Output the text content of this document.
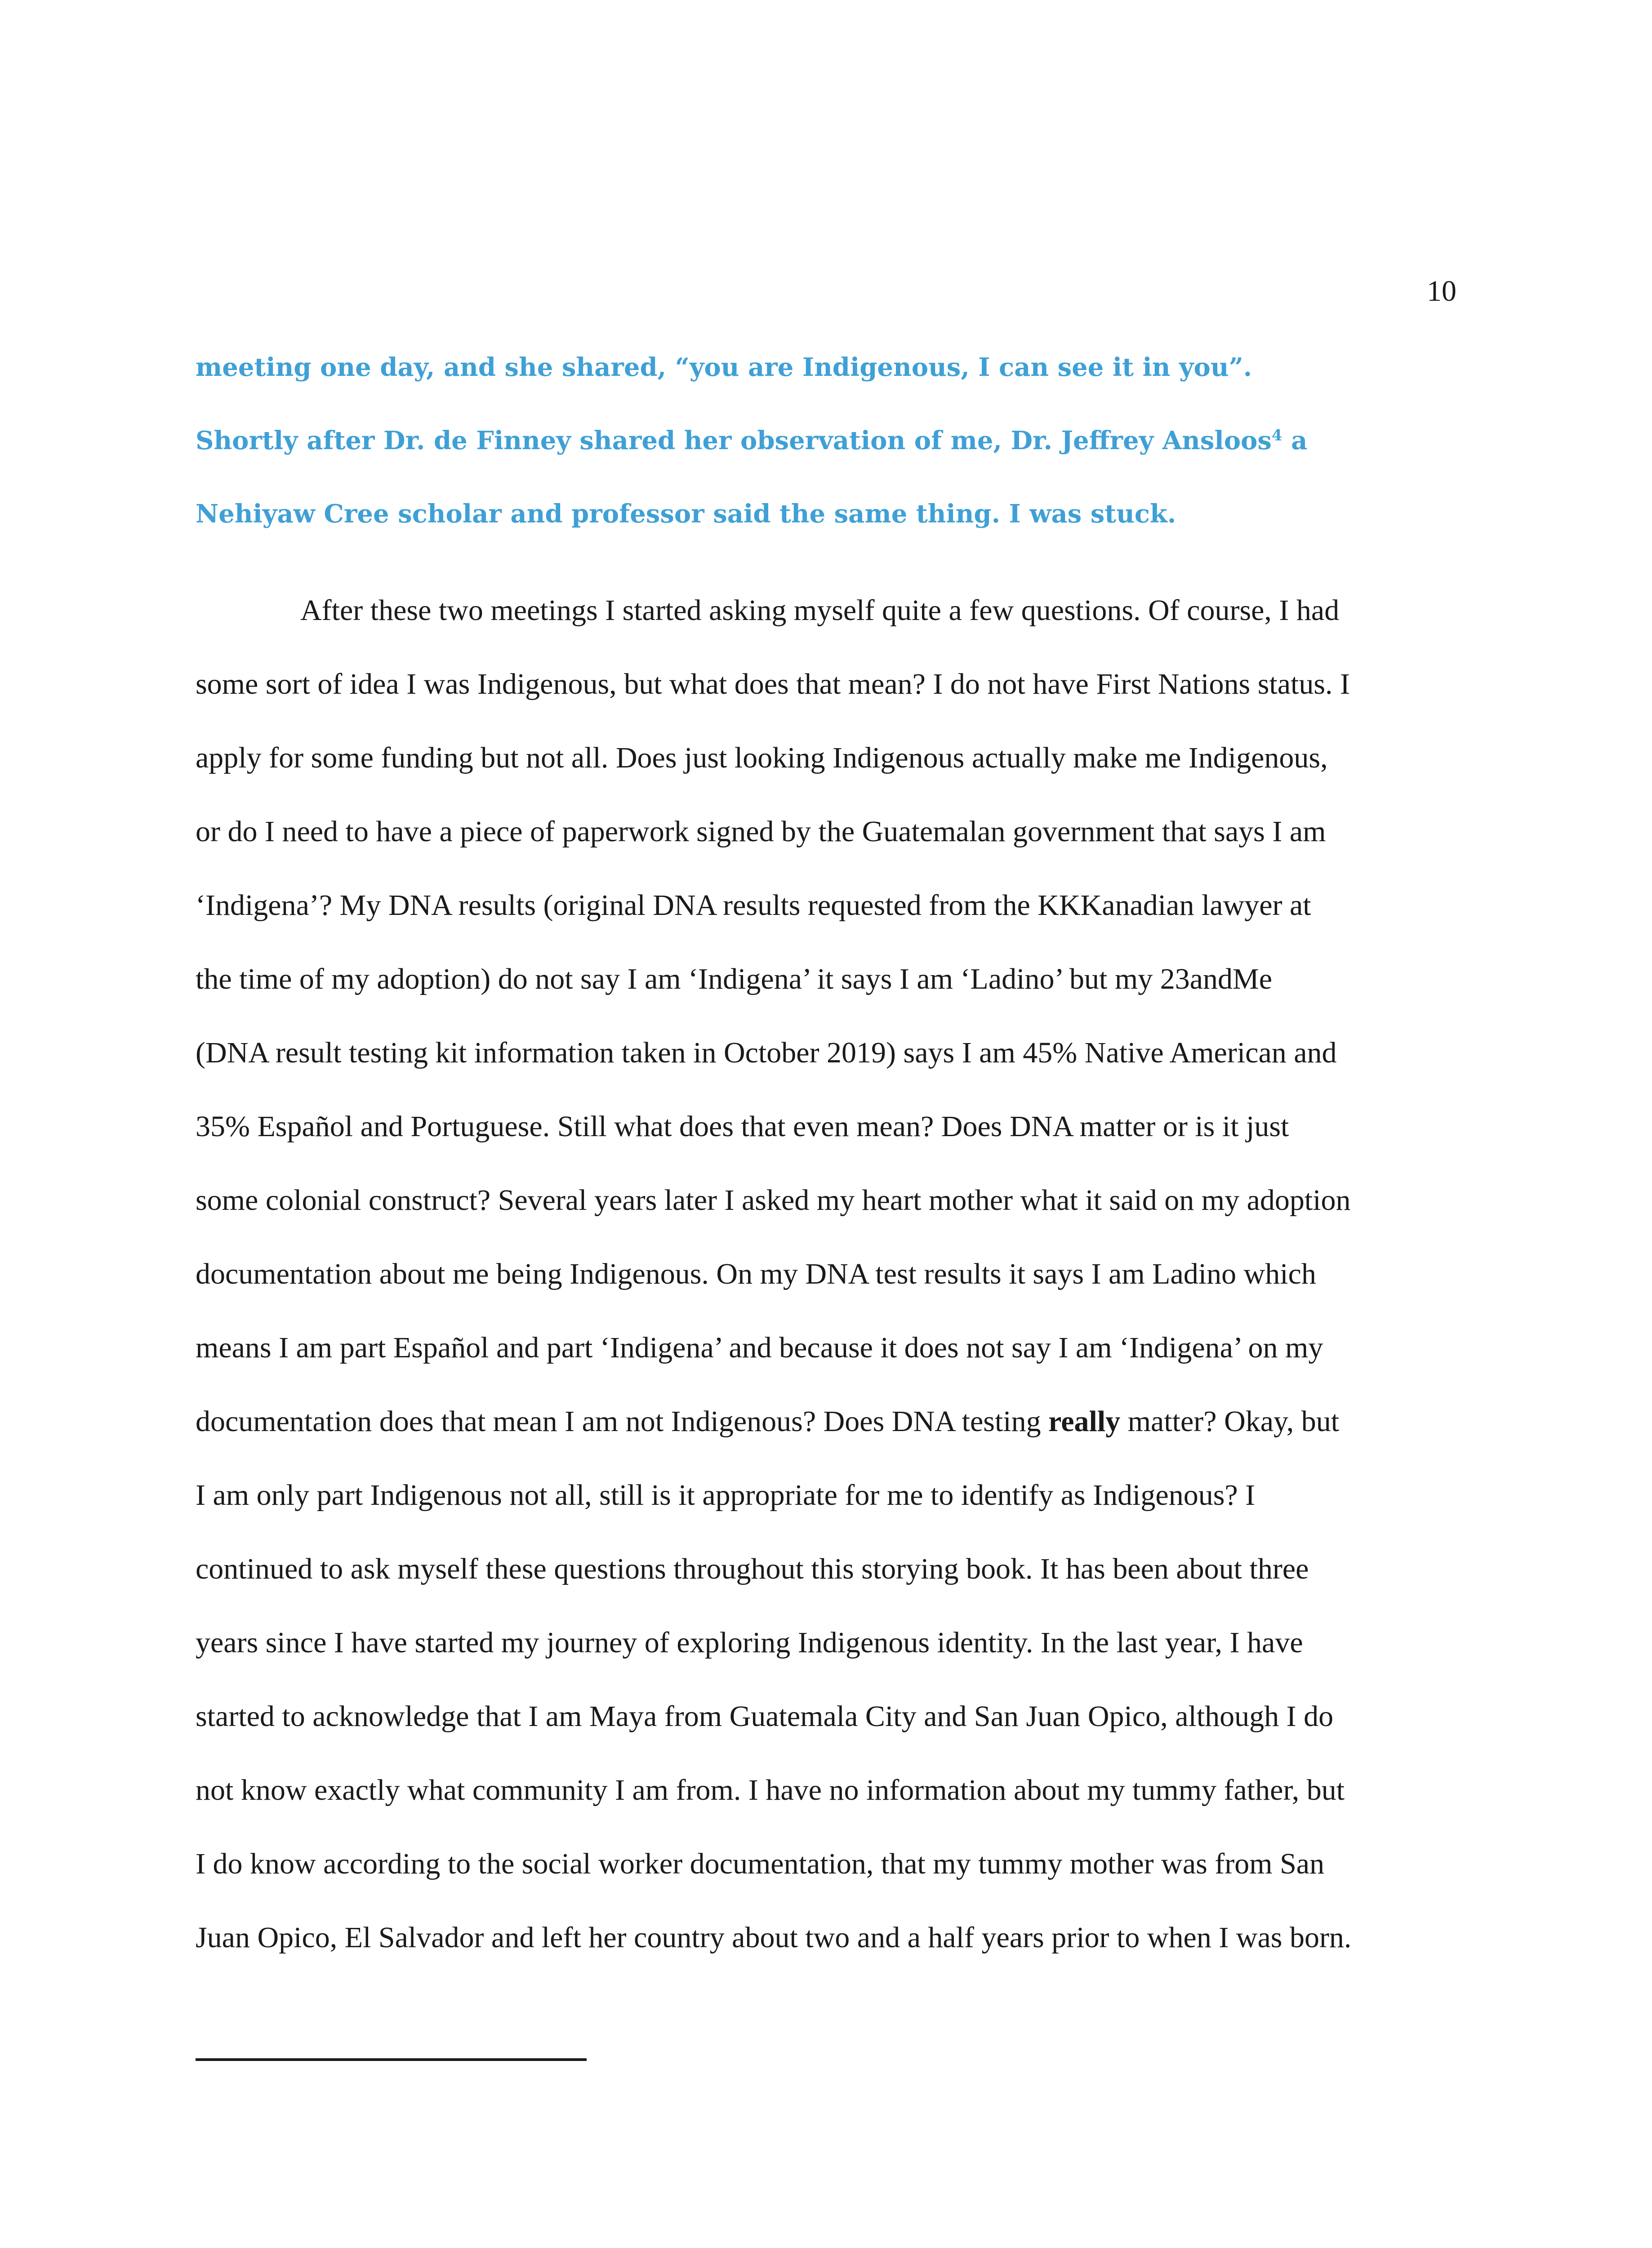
10
meeting one day, and she shared, “you are Indigenous, I can see it in you”.
Shortly after Dr. de Finney shared her observation of me, Dr. Jeffrey Ansloos$^4$ a
Nehiyaw Cree scholar and professor said the same thing. I was stuck.
After these two meetings I started asking myself quite a few questions. Of course, I had
some sort of idea I was Indigenous, but what does that mean? I do not have First Nations status. I
apply for some funding but not all. Does just looking Indigenous actually make me Indigenous,
or do I need to have a piece of paperwork signed by the Guatemalan government that says I am
‘Indigena’? My DNA results (original DNA results requested from the KKKanadian lawyer at
the time of my adoption) do not say I am ‘Indigena’ it says I am ‘Ladino’ but my 23andMe
(DNA result testing kit information taken in October 2019) says I am 45% Native American and
35% Español and Portuguese. Still what does that even mean? Does DNA matter or is it just
some colonial construct? Several years later I asked my heart mother what it said on my adoption
documentation about me being Indigenous. On my DNA test results it says I am Ladino which
means I am part Español and part ‘Indigena’ and because it does not say I am ‘Indigena’ on my
documentation does that mean I am not Indigenous? Does DNA testing really matter? Okay, but
I am only part Indigenous not all, still is it appropriate for me to identify as Indigenous? I
continued to ask myself these questions throughout this storying book. It has been about three
years since I have started my journey of exploring Indigenous identity. In the last year, I have
started to acknowledge that I am Maya from Guatemala City and San Juan Opico, although I do
not know exactly what community I am from. I have no information about my tummy father, but
I do know according to the social worker documentation, that my tummy mother was from San
Juan Opico, El Salvador and left her country about two and a half years prior to when I was born.
